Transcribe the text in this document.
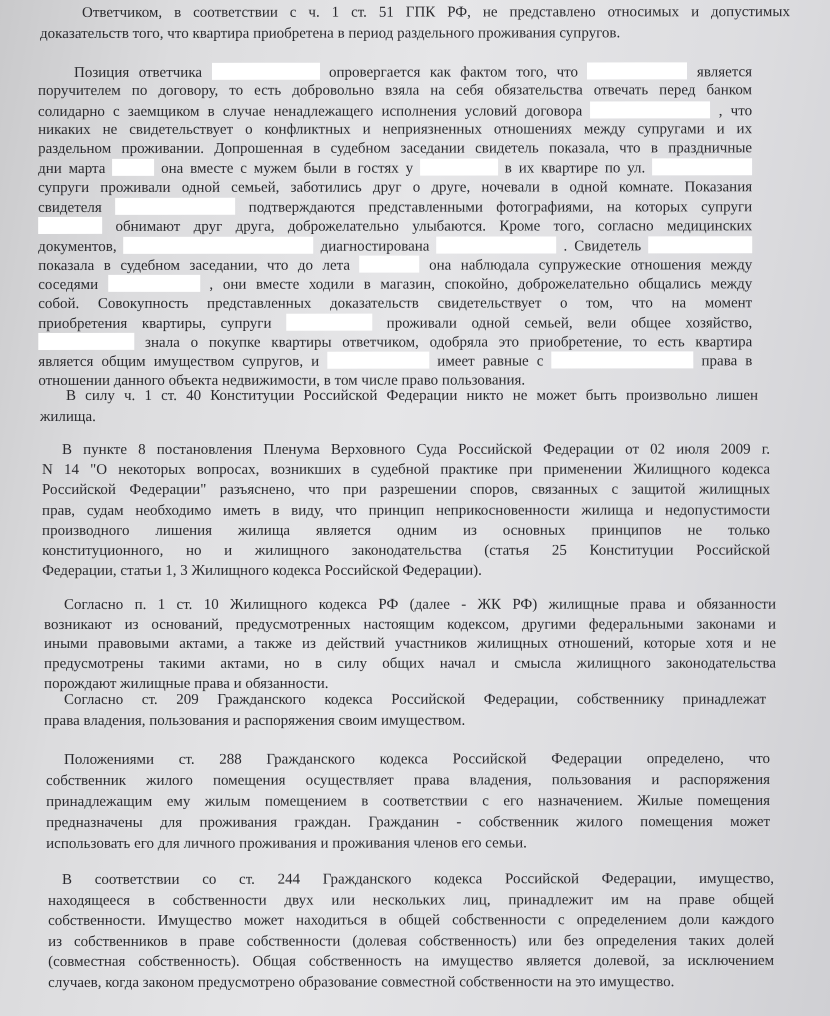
Ответчиком, в соответствии с ч. 1 ст. 51 ГПК РФ, не представлено относимых и допустимых
доказательств того, что квартира приобретена в период раздельного проживания супругов.
Позиция ответчика	опровергается как фактом того, что	является
поручителем по договору, то есть добровольно взяла на себя обязательства отвечать перед банком
солидарно с заемщиком в случае ненадлежащего исполнения условий договора	, что
никаких не свидетельствует о конфликтных и неприязненных отношениях между супругами и их
раздельном проживании. Допрошенная в судебном заседании свидетель показала, что в праздничные
дни марта	она вместе с мужем были в гостях у	в их квартире по ул.
супруги проживали одной семьей, заботились друг о друге, ночевали в одной комнате. Показания
свидетеля	подтверждаются представленными фотографиями, на которых супруги
обнимают друг друга, доброжелательно улыбаются. Кроме того, согласно медицинских
документов,	диагностирована	. Свидетель
показала в судебном заседании, что до лета	она наблюдала супружеские отношения между
соседями	, они вместе ходили в магазин, спокойно, доброжелательно общались между
собой. Совокупность представленных доказательств свидетельствует о том, что на момент
приобретения квартиры, супруги	проживали одной семьей, вели общее хозяйство,
знала о покупке квартиры ответчиком, одобряла это приобретение, то есть квартира
является общим имуществом супругов, и	имеет равные с	права в
отношении данного объекта недвижимости, в том числе право пользования.
В силу ч. 1 ст. 40 Конституции Российской Федерации никто не может быть произвольно лишен
жилища.
В пункте 8 постановления Пленума Верховного Суда Российской Федерации от 02 июля 2009 г.
N 14 "О некоторых вопросах, возникших в судебной практике при применении Жилищного кодекса
Российской Федерации" разъяснено, что при разрешении споров, связанных с защитой жилищных
прав, судам необходимо иметь в виду, что принцип неприкосновенности жилища и недопустимости
производного лишения жилища является одним из основных принципов не только
конституционного, но и жилищного законодательства (статья 25 Конституции Российской
Федерации, статьи 1, 3 Жилищного кодекса Российской Федерации).
Согласно п. 1 ст. 10 Жилищного кодекса РФ (далее - ЖК РФ) жилищные права и обязанности
возникают из оснований, предусмотренных настоящим кодексом, другими федеральными законами и
иными правовыми актами, а также из действий участников жилищных отношений, которые хотя и не
предусмотрены такими актами, но в силу общих начал и смысла жилищного законодательства
порождают жилищные права и обязанности.
Согласно ст. 209 Гражданского кодекса Российской Федерации, собственнику принадлежат
права владения, пользования и распоряжения своим имуществом.
Положениями ст. 288 Гражданского кодекса Российской Федерации определено, что
собственник жилого помещения осуществляет права владения, пользования и распоряжения
принадлежащим ему жилым помещением в соответствии с его назначением. Жилые помещения
предназначены для проживания граждан. Гражданин - собственник жилого помещения может
использовать его для личного проживания и проживания членов его семьи.
В соответствии со ст. 244 Гражданского кодекса Российской Федерации, имущество,
находящееся в собственности двух или нескольких лиц, принадлежит им на праве общей
собственности. Имущество может находиться в общей собственности с определением доли каждого
из собственников в праве собственности (долевая собственность) или без определения таких долей
(совместная собственность). Общая собственность на имущество является долевой, за исключением
случаев, когда законом предусмотрено образование совместной собственности на это имущество.
